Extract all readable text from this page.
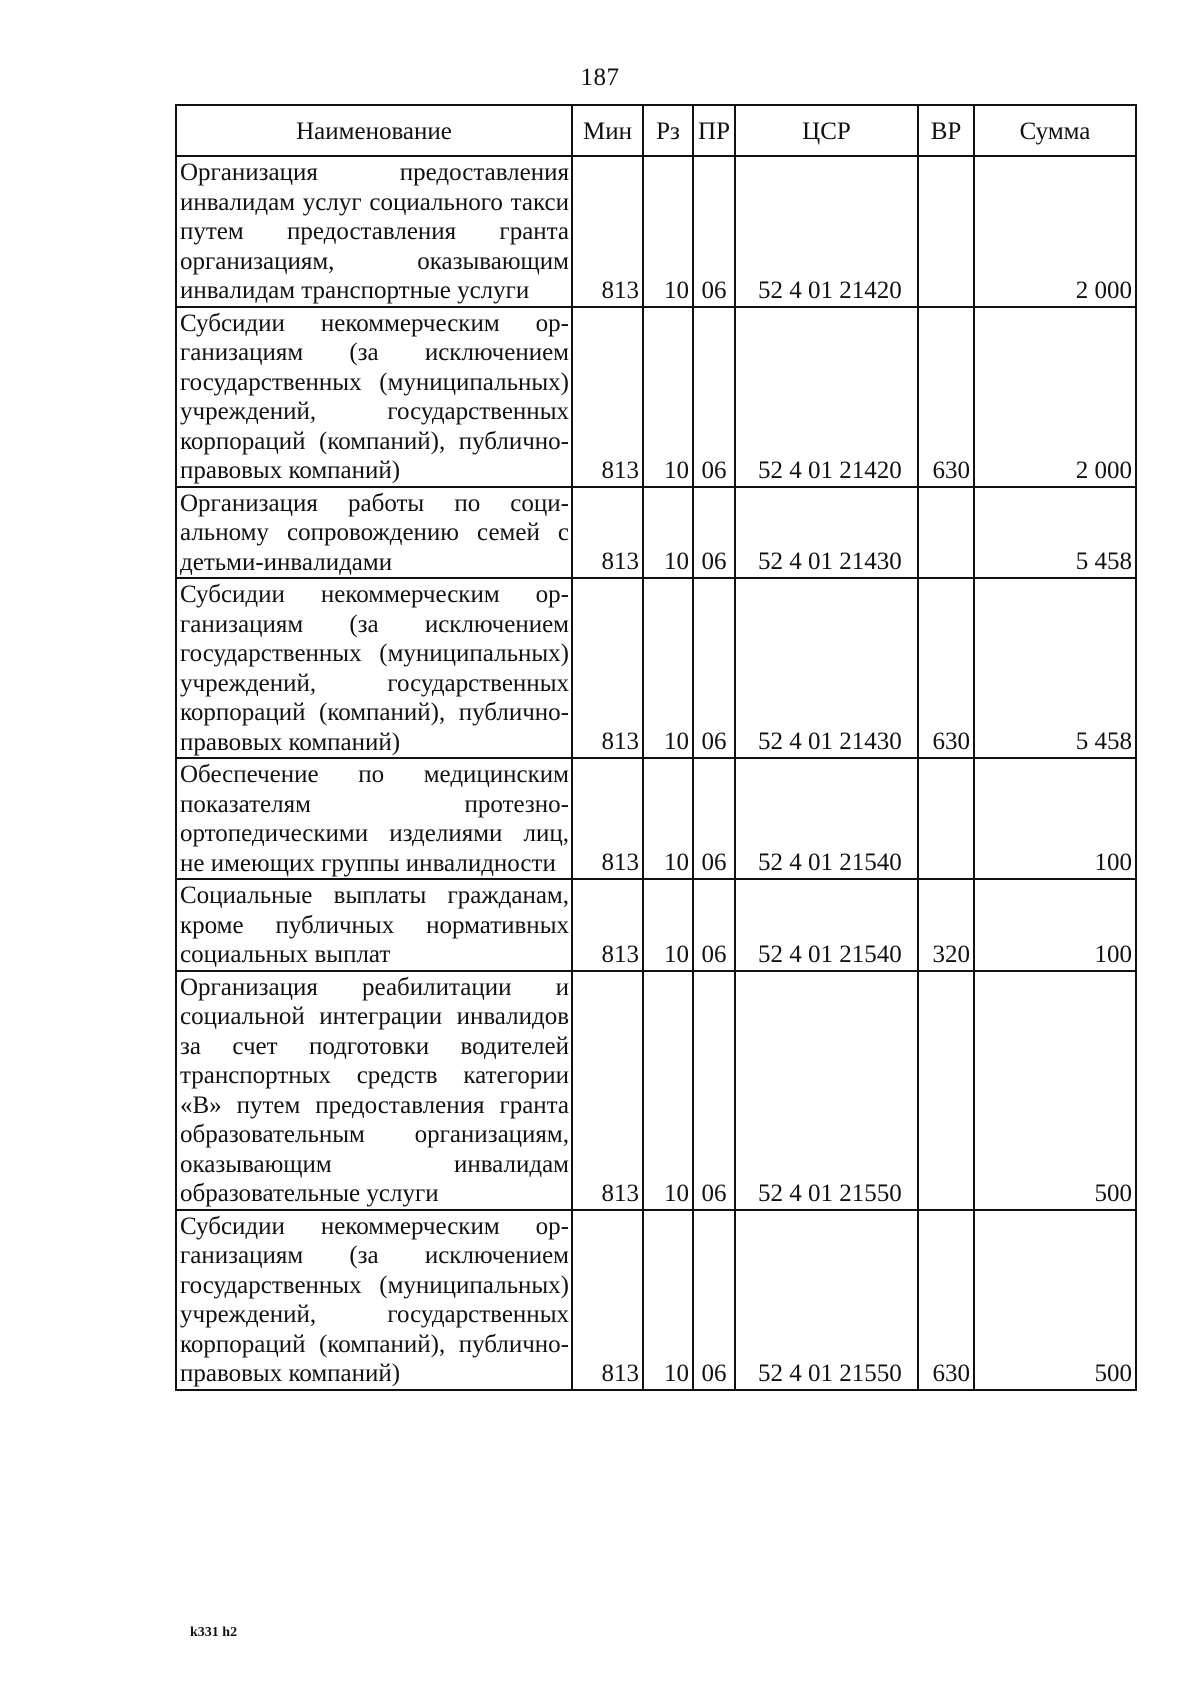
187
Наименование	Мин	Рз	ПР	ЦСР	ВР	Сумма
Организация предоставления инвалидам услуг социального такси путем предоставления гранта организациям, оказывающим инвалидам транспортные услуги	813	10	06	52 4 01 21420		2 000
Субсидии некоммерческим организациям (за исключением государственных (муниципальных) учреждений, государственных корпораций (компаний), публично-правовых компаний)	813	10	06	52 4 01 21420	630	2 000
Организация работы по социальному сопровождению семей с детьми-инвалидами	813	10	06	52 4 01 21430		5 458
Субсидии некоммерческим организациям (за исключением государственных (муниципальных) учреждений, государственных корпораций (компаний), публично-правовых компаний)	813	10	06	52 4 01 21430	630	5 458
Обеспечение по медицинским показателям протезно-ортопедическими изделиями лиц, не имеющих группы инвалидности	813	10	06	52 4 01 21540		100
Социальные выплаты гражданам, кроме публичных нормативных социальных выплат	813	10	06	52 4 01 21540	320	100
Организация реабилитации и социальной интеграции инвалидов за счет подготовки водителей транспортных средств категории «В» путем предоставления гранта образовательным организациям, оказывающим инвалидам образовательные услуги	813	10	06	52 4 01 21550		500
Субсидии некоммерческим организациям (за исключением государственных (муниципальных) учреждений, государственных корпораций (компаний), публично-правовых компаний)	813	10	06	52 4 01 21550	630	500
k331 h2
